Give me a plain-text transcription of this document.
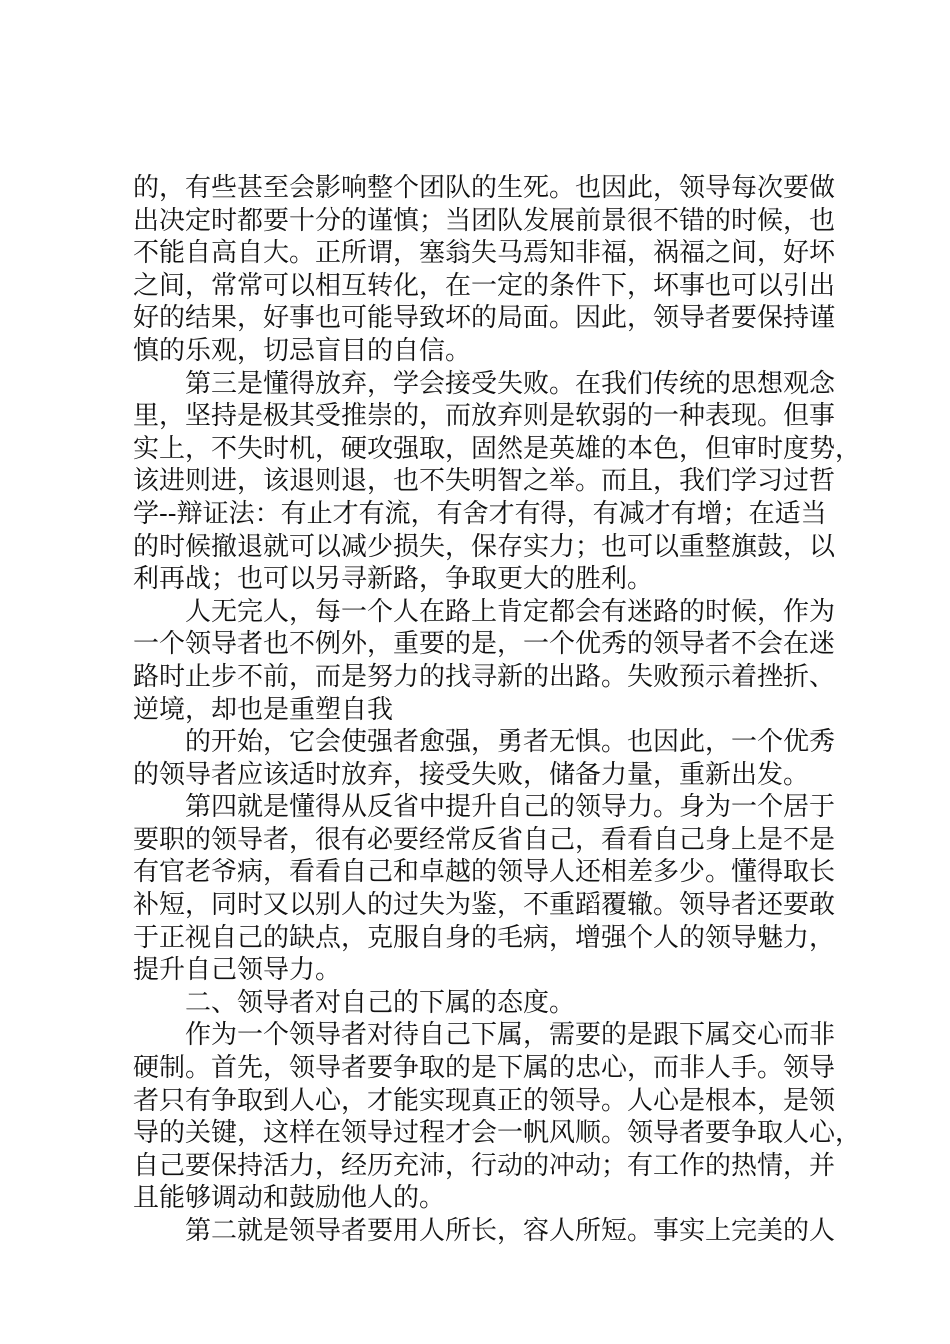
的，有些甚至会影响整个团队的生死。也因此，领导每次要做
出决定时都要十分的谨慎；当团队发展前景很不错的时候，也
不能自高自大。正所谓，塞翁失马焉知非福，祸福之间，好坏
之间，常常可以相互转化，在一定的条件下，坏事也可以引出
好的结果，好事也可能导致坏的局面。因此，领导者要保持谨
慎的乐观，切忌盲目的自信。
第三是懂得放弃，学会接受失败。在我们传统的思想观念
里，坚持是极其受推崇的，而放弃则是软弱的一种表现。但事
实上，不失时机，硬攻强取，固然是英雄的本色，但审时度势，
该进则进，该退则退，也不失明智之举。而且，我们学习过哲
学--辩证法：有止才有流，有舍才有得，有减才有增；在适当
的时候撤退就可以减少损失，保存实力；也可以重整旗鼓，以
利再战；也可以另寻新路，争取更大的胜利。
人无完人，每一个人在路上肯定都会有迷路的时候，作为
一个领导者也不例外，重要的是，一个优秀的领导者不会在迷
路时止步不前，而是努力的找寻新的出路。失败预示着挫折、
逆境，却也是重塑自我
的开始，它会使强者愈强，勇者无惧。也因此，一个优秀
的领导者应该适时放弃，接受失败，储备力量，重新出发。
第四就是懂得从反省中提升自己的领导力。身为一个居于
要职的领导者，很有必要经常反省自己，看看自己身上是不是
有官老爷病，看看自己和卓越的领导人还相差多少。懂得取长
补短，同时又以别人的过失为鉴，不重蹈覆辙。领导者还要敢
于正视自己的缺点，克服自身的毛病，增强个人的领导魅力，
提升自己领导力。
二、领导者对自己的下属的态度。
作为一个领导者对待自己下属，需要的是跟下属交心而非
硬制。首先，领导者要争取的是下属的忠心，而非人手。领导
者只有争取到人心，才能实现真正的领导。人心是根本，是领
导的关键，这样在领导过程才会一帆风顺。领导者要争取人心，
自己要保持活力，经历充沛，行动的冲动；有工作的热情，并
且能够调动和鼓励他人的。
第二就是领导者要用人所长，容人所短。事实上完美的人
